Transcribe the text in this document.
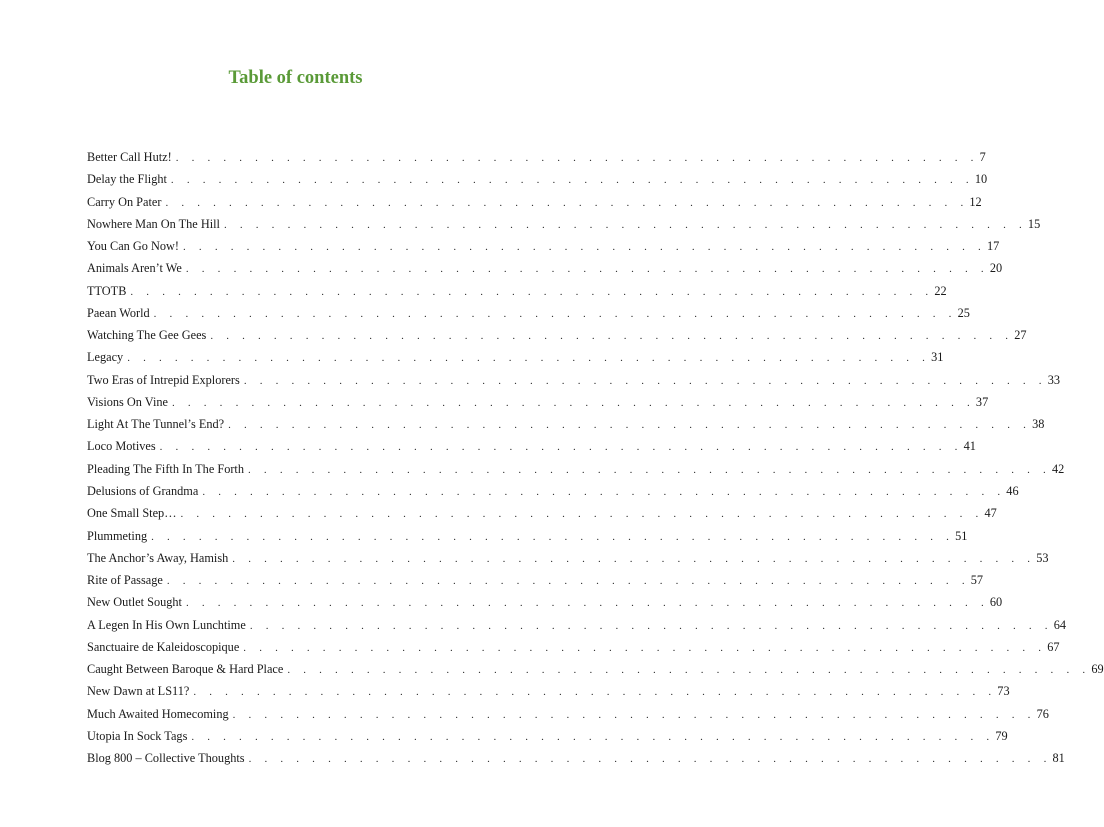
Table of contents
Better Call Hutz! . . . . . . . . . . . . . . . . . . . . . . . . . . . . . . . . . . . . . . . . . . . . . . . . . . . 7
Delay the Flight . . . . . . . . . . . . . . . . . . . . . . . . . . . . . . . . . . . . . . . . . . . . . . . . . . . 10
Carry On Pater . . . . . . . . . . . . . . . . . . . . . . . . . . . . . . . . . . . . . . . . . . . . . . . . . . . 12
Nowhere Man On The Hill . . . . . . . . . . . . . . . . . . . . . . . . . . . . . . . . . . . . . . . . . . . . . . . . . . . 15
You Can Go Now! . . . . . . . . . . . . . . . . . . . . . . . . . . . . . . . . . . . . . . . . . . . . . . . . . . . 17
Animals Aren’t We . . . . . . . . . . . . . . . . . . . . . . . . . . . . . . . . . . . . . . . . . . . . . . . . . . . 20
TTOTB . . . . . . . . . . . . . . . . . . . . . . . . . . . . . . . . . . . . . . . . . . . . . . . . . . . 22
Paean World . . . . . . . . . . . . . . . . . . . . . . . . . . . . . . . . . . . . . . . . . . . . . . . . . . . 25
Watching The Gee Gees . . . . . . . . . . . . . . . . . . . . . . . . . . . . . . . . . . . . . . . . . . . . . . . . . . . 27
Legacy . . . . . . . . . . . . . . . . . . . . . . . . . . . . . . . . . . . . . . . . . . . . . . . . . . . 31
Two Eras of Intrepid Explorers . . . . . . . . . . . . . . . . . . . . . . . . . . . . . . . . . . . . . . . . . . . . . . . . . . . 33
Visions On Vine . . . . . . . . . . . . . . . . . . . . . . . . . . . . . . . . . . . . . . . . . . . . . . . . . . . 37
Light At The Tunnel’s End? . . . . . . . . . . . . . . . . . . . . . . . . . . . . . . . . . . . . . . . . . . . . . . . . . . . 38
Loco Motives . . . . . . . . . . . . . . . . . . . . . . . . . . . . . . . . . . . . . . . . . . . . . . . . . . . 41
Pleading The Fifth In The Forth . . . . . . . . . . . . . . . . . . . . . . . . . . . . . . . . . . . . . . . . . . . . . . . . . . . 42
Delusions of Grandma . . . . . . . . . . . . . . . . . . . . . . . . . . . . . . . . . . . . . . . . . . . . . . . . . . . 46
One Small Step… . . . . . . . . . . . . . . . . . . . . . . . . . . . . . . . . . . . . . . . . . . . . . . . . . . . 47
Plummeting . . . . . . . . . . . . . . . . . . . . . . . . . . . . . . . . . . . . . . . . . . . . . . . . . . . 51
The Anchor’s Away, Hamish . . . . . . . . . . . . . . . . . . . . . . . . . . . . . . . . . . . . . . . . . . . . . . . . . . . 53
Rite of Passage . . . . . . . . . . . . . . . . . . . . . . . . . . . . . . . . . . . . . . . . . . . . . . . . . . . 57
New Outlet Sought . . . . . . . . . . . . . . . . . . . . . . . . . . . . . . . . . . . . . . . . . . . . . . . . . . . 60
A Legen In His Own Lunchtime . . . . . . . . . . . . . . . . . . . . . . . . . . . . . . . . . . . . . . . . . . . . . . . . . . . 64
Sanctuaire de Kaleidoscopique . . . . . . . . . . . . . . . . . . . . . . . . . . . . . . . . . . . . . . . . . . . . . . . . . . . 67
Caught Between Baroque & Hard Place . . . . . . . . . . . . . . . . . . . . . . . . . . . . . . . . . . . . . . . . . . . . . . . . . . . 69
New Dawn at LS11? . . . . . . . . . . . . . . . . . . . . . . . . . . . . . . . . . . . . . . . . . . . . . . . . . . . 73
Much Awaited Homecoming . . . . . . . . . . . . . . . . . . . . . . . . . . . . . . . . . . . . . . . . . . . . . . . . . . . 76
Utopia In Sock Tags . . . . . . . . . . . . . . . . . . . . . . . . . . . . . . . . . . . . . . . . . . . . . . . . . . . 79
Blog 800 – Collective Thoughts . . . . . . . . . . . . . . . . . . . . . . . . . . . . . . . . . . . . . . . . . . . . . . . . . . . 81
